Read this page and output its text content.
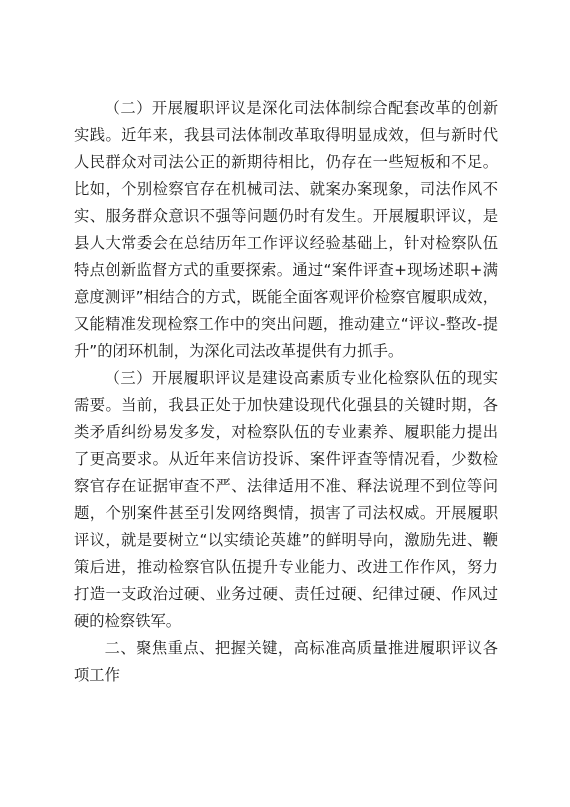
（二）开展履职评议是深化司法体制综合配套改革的创新实践。近年来，我县司法体制改革取得明显成效，但与新时代人民群众对司法公正的新期待相比，仍存在一些短板和不足。比如，个别检察官存在机械司法、就案办案现象，司法作风不实、服务群众意识不强等问题仍时有发生。开展履职评议，是县人大常委会在总结历年工作评议经验基础上，针对检察队伍特点创新监督方式的重要探索。通过“案件评查+现场述职+满意度测评”相结合的方式，既能全面客观评价检察官履职成效，又能精准发现检察工作中的突出问题，推动建立“评议-整改-提升”的闭环机制，为深化司法改革提供有力抓手。

（三）开展履职评议是建设高素质专业化检察队伍的现实需要。当前，我县正处于加快建设现代化强县的关键时期，各类矛盾纠纷易发多发，对检察队伍的专业素养、履职能力提出了更高要求。从近年来信访投诉、案件评查等情况看，少数检察官存在证据审查不严、法律适用不准、释法说理不到位等问题，个别案件甚至引发网络舆情，损害了司法权威。开展履职评议，就是要树立“以实绩论英雄”的鲜明导向，激励先进、鞭策后进，推动检察官队伍提升专业能力、改进工作作风，努力打造一支政治过硬、业务过硬、责任过硬、纪律过硬、作风过硬的检察铁军。

二、聚焦重点、把握关键，高标准高质量推进履职评议各项工作
